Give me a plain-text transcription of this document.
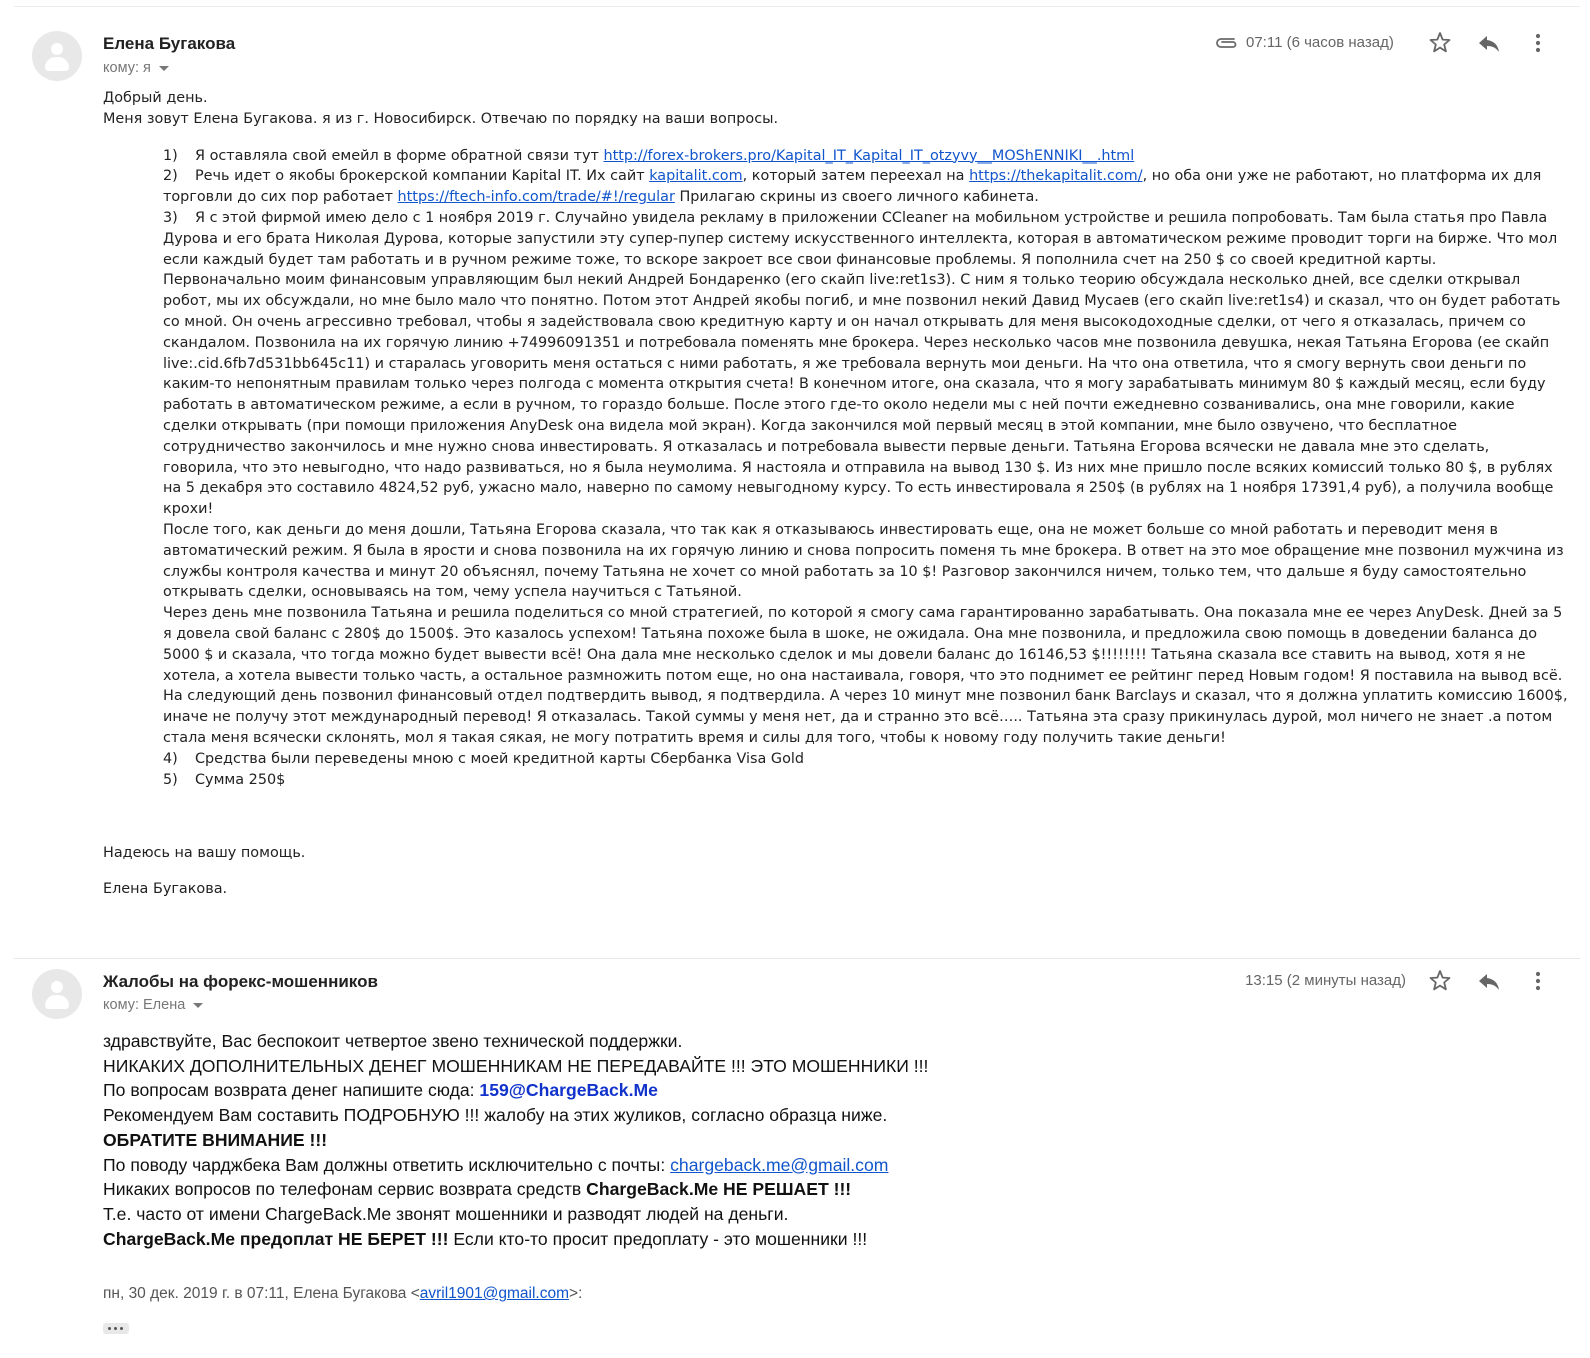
Елена Бугакова
кому: я
07:11 (6 часов назад)

Добрый день.

Меня зовут Елена Бугакова. я из г. Новосибирск. Отвечаю по порядку на ваши вопросы.

1) Я оставляла свой емейл в форме обратной связи тут http://forex-brokers.pro/Kapital_IT_Kapital_IT_otzyvy__MOShENNIKI__.html

2) Речь идет о якобы брокерской компании Kapital IT. Их сайт kapitalit.com, который затем переехал на https://thekapitalit.com/, но оба они уже не работают, но платформа их для торговли до сих пор работает https://ftech-info.com/trade/#!/regular Прилагаю скрины из своего личного кабинета.

3) Я с этой фирмой имею дело с 1 ноября 2019 г. Случайно увидела рекламу в приложении CCleaner на мобильном устройстве и решила попробовать. Там была статья про Павла Дурова и его брата Николая Дурова, которые запустили эту супер-пупер систему искусственного интеллекта, которая в автоматическом режиме проводит торги на бирже. Что мол если каждый будет там работать и в ручном режиме тоже, то вскоре закроет все свои финансовые проблемы. Я пополнила счет на 250 $ со своей кредитной карты.

Первоначально моим финансовым управляющим был некий Андрей Бондаренко (его скайп live:ret1s3). С ним я только теорию обсуждала несколько дней, все сделки открывал робот, мы их обсуждали, но мне было мало что понятно. Потом этот Андрей якобы погиб, и мне позвонил некий Давид Мусаев (его скайп live:ret1s4) и сказал, что он будет работать со мной. Он очень агрессивно требовал, чтобы я задействовала свою кредитную карту и он начал открывать для меня высокодоходные сделки, от чего я отказалась, причем со скандалом. Позвонила на их горячую линию +74996091351 и потребовала поменять мне брокера. Через несколько часов мне позвонила девушка, некая Татьяна Егорова (ее скайп live:.cid.6fb7d531bb645c11) и старалась уговорить меня остаться с ними работать, я же требовала вернуть мои деньги. На что она ответила, что я смогу вернуть свои деньги по каким-то непонятным правилам только через полгода с момента открытия счета! В конечном итоге, она сказала, что я могу зарабатывать минимум 80 $ каждый месяц, если буду работать в автоматическом режиме, а если в ручном, то гораздо больше. После этого где-то около недели мы с ней почти ежедневно созванивались, она мне говорили, какие сделки открывать (при помощи приложения AnyDesk она видела мой экран). Когда закончился мой первый месяц в этой компании, мне было озвучено, что бесплатное сотрудничество закончилось и мне нужно снова инвестировать. Я отказалась и потребовала вывести первые деньги. Татьяна Егорова всячески не давала мне это сделать, говорила, что это невыгодно, что надо развиваться, но я была неумолима. Я настояла и отправила на вывод 130 $. Из них мне пришло после всяких комиссий только 80 $, в рублях на 5 декабря это составило 4824,52 руб, ужасно мало, наверно по самому невыгодному курсу. То есть инвестировала я 250$ (в рублях на 1 ноября 17391,4 руб), а получила вообще крохи!

После того, как деньги до меня дошли, Татьяна Егорова сказала, что так как я отказываюсь инвестировать еще, она не может больше со мной работать и переводит меня в автоматический режим. Я была в ярости и снова позвонила на их горячую линию и снова попросить поменя ть мне брокера. В ответ на это мое обращение мне позвонил мужчина из службы контроля качества и минут 20 объяснял, почему Татьяна не хочет со мной работать за 10 $! Разговор закончился ничем, только тем, что дальше я буду самостоятельно открывать сделки, основываясь на том, чему успела научиться с Татьяной.

Через день мне позвонила Татьяна и решила поделиться со мной стратегией, по которой я смогу сама гарантированно зарабатывать. Она показала мне ее через AnyDesk. Дней за 5 я довела свой баланс с 280$ до 1500$. Это казалось успехом! Татьяна похоже была в шоке, не ожидала. Она мне позвонила, и предложила свою помощь в доведении баланса до 5000 $ и сказала, что тогда можно будет вывести всё! Она дала мне несколько сделок и мы довели баланс до 16146,53 $!!!!!!!! Татьяна сказала все ставить на вывод, хотя я не хотела, а хотела вывести только часть, а остальное размножить потом еще, но она настаивала, говоря, что это поднимет ее рейтинг перед Новым годом! Я поставила на вывод всё. На следующий день позвонил финансовый отдел подтвердить вывод, я подтвердила. А через 10 минут мне позвонил банк Barclays и сказал, что я должна уплатить комиссию 1600$, иначе не получу этот международный перевод! Я отказалась. Такой суммы у меня нет, да и странно это всё….. Татьяна эта сразу прикинулась дурой, мол ничего не знает .а потом стала меня всячески склонять, мол я такая сякая, не могу потратить время и силы для того, чтобы к новому году получить такие деньги!

4) Средства были переведены мною с моей кредитной карты Сбербанка Visa Gold

5) Сумма 250$

Надеюсь на вашу помощь.
Елена Бугакова.
Жалобы на форекс-мошенников
кому: Елена
13:15 (2 минуты назад)

здравствуйте, Вас беспокоит четвертое звено технической поддержки.

НИКАКИХ ДОПОЛНИТЕЛЬНЫХ ДЕНЕГ МОШЕННИКАМ НЕ ПЕРЕДАВАЙТЕ !!! ЭТО МОШЕННИКИ !!!

По вопросам возврата денег напишите сюда: 159@ChargeBack.Me

Рекомендуем Вам составить ПОДРОБНУЮ !!! жалобу на этих жуликов, согласно образца ниже.

ОБРАТИТЕ ВНИМАНИЕ !!!

По поводу чарджбека Вам должны ответить исключительно с почты: chargeback.me@gmail.com

Никаких вопросов по телефонам сервис возврата средств ChargeBack.Me НЕ РЕШАЕТ !!!

Т.е. часто от имени ChargeBack.Me звонят мошенники и разводят людей на деньги.

ChargeBack.Me предоплат НЕ БЕРЕТ !!! Если кто-то просит предоплату - это мошенники !!!

пн, 30 дек. 2019 г. в 07:11, Елена Бугакова <avril1901@gmail.com>:
